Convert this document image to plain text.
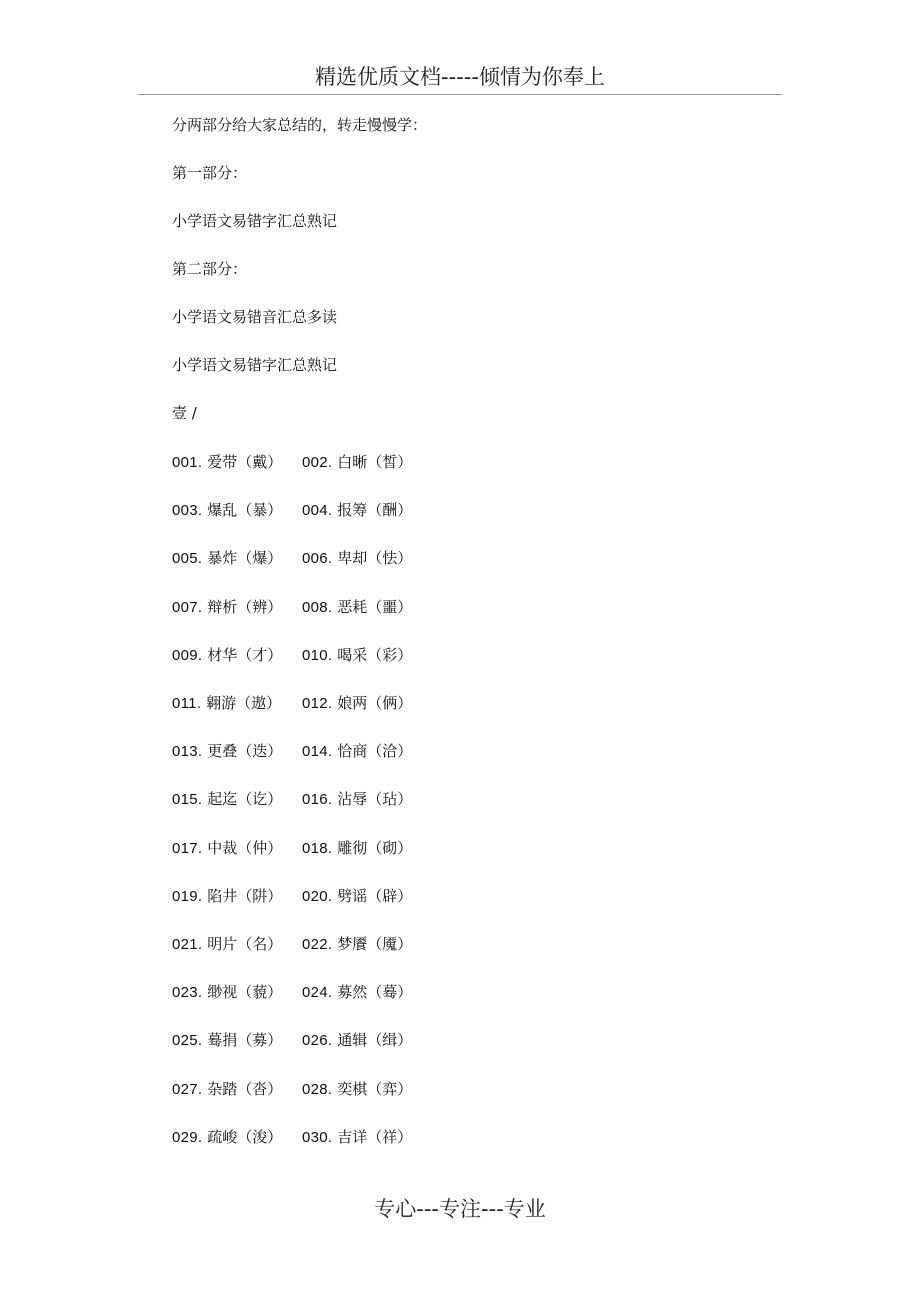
精选优质文档-----倾情为你奉上
分两部分给大家总结的，转走慢慢学：
第一部分：
小学语文易错字汇总熟记
第二部分：
小学语文易错音汇总多读
小学语文易错字汇总熟记
壹 /
001. 爱带（戴） 002. 白晰（皙）
003. 爆乱（暴） 004. 报筹（酬）
005. 暴炸（爆） 006. 卑却（怯）
007. 辩析（辨） 008. 恶耗（噩）
009. 材华（才） 010. 喝采（彩）
011. 翱游（遨） 012. 娘两（俩）
013. 更叠（迭） 014. 恰商（洽）
015. 起迄（讫） 016. 沾辱（玷）
017. 中裁（仲） 018. 雕彻（砌）
019. 陷井（阱） 020. 劈谣（辟）
021. 明片（名） 022. 梦餍（魇）
023. 缈视（藐） 024. 募然（蓦）
025. 蓦捐（募） 026. 通辑（缉）
027. 杂踏（沓） 028. 奕棋（弈）
029. 疏峻（浚） 030. 吉详（祥）
专心---专注---专业
